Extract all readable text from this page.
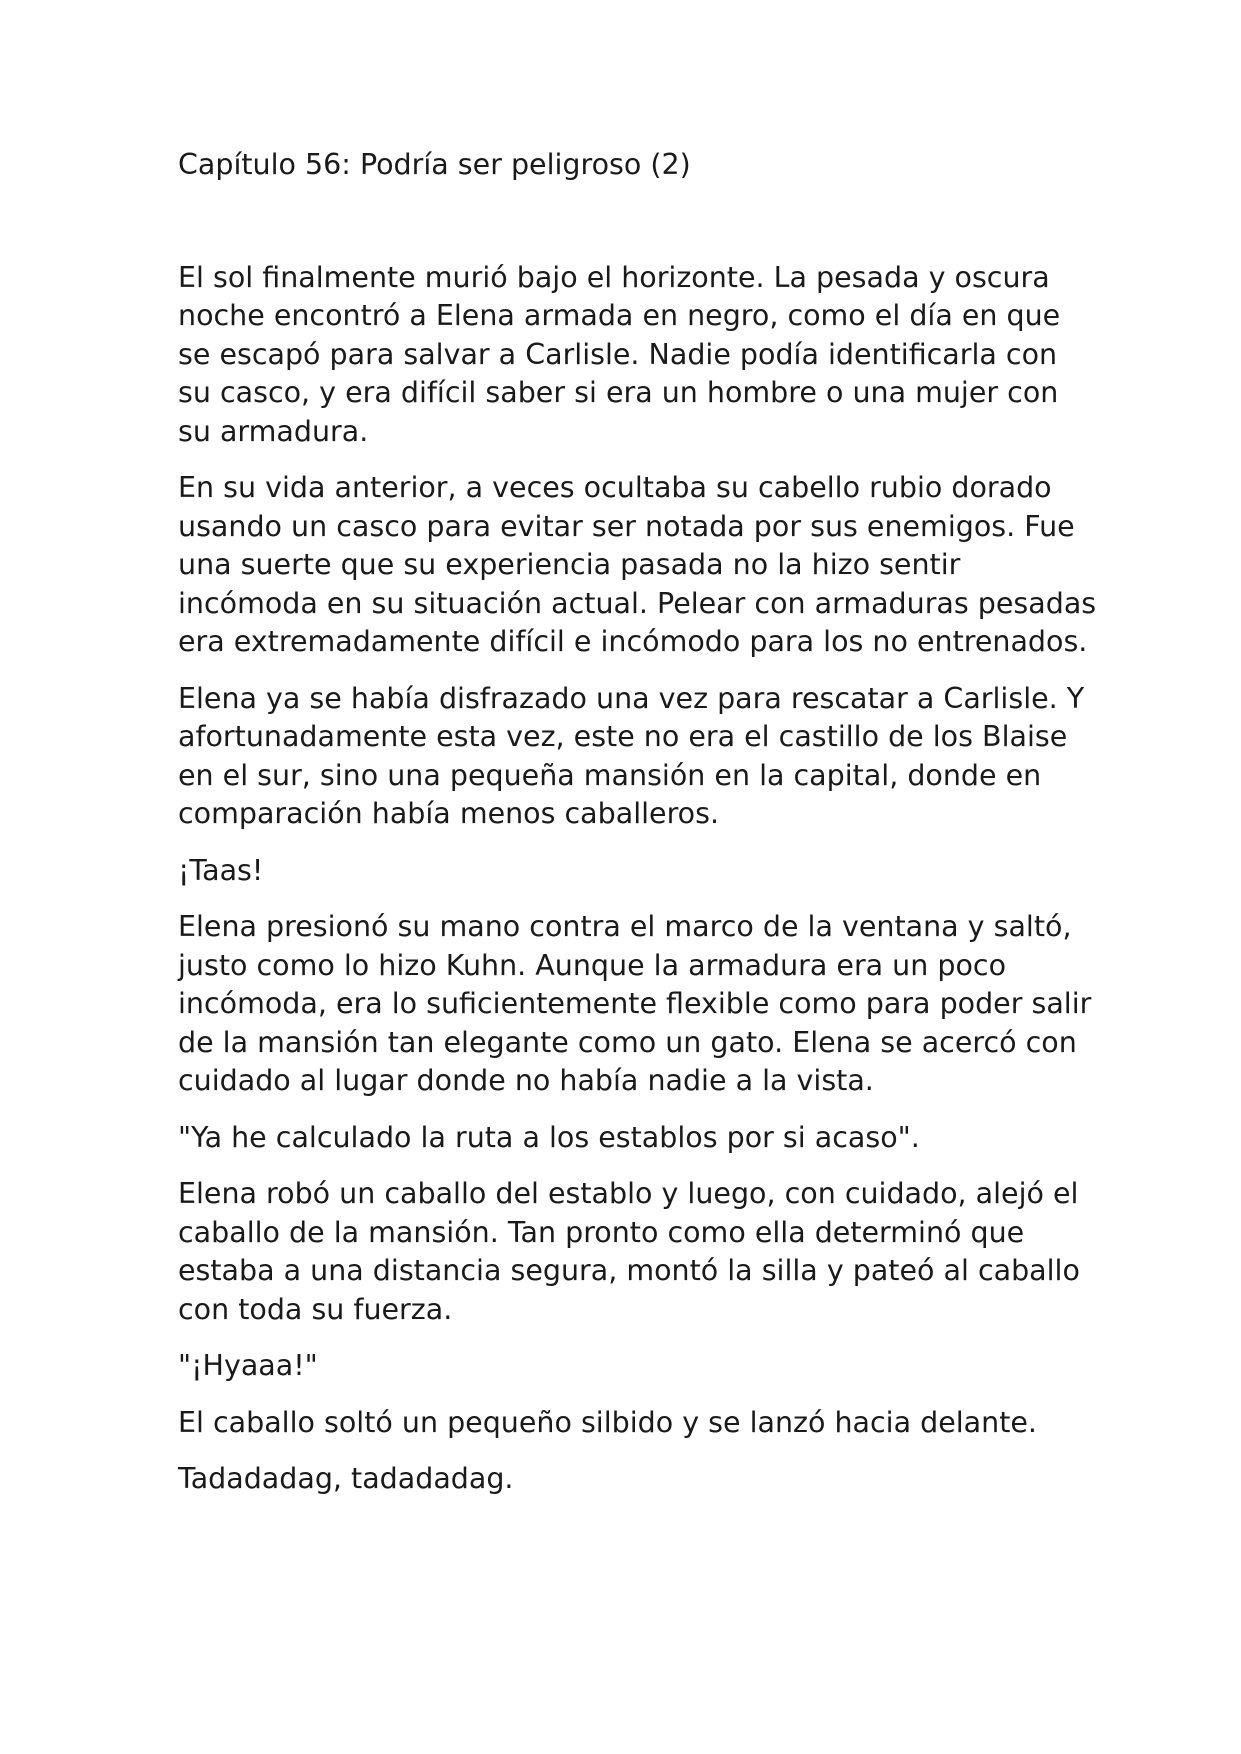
Capítulo 56: Podría ser peligroso (2)

El sol finalmente murió bajo el horizonte. La pesada y oscura noche encontró a Elena armada en negro, como el día en que se escapó para salvar a Carlisle. Nadie podía identificarla con su casco, y era difícil saber si era un hombre o una mujer con su armadura.

En su vida anterior, a veces ocultaba su cabello rubio dorado usando un casco para evitar ser notada por sus enemigos. Fue una suerte que su experiencia pasada no la hizo sentir incómoda en su situación actual. Pelear con armaduras pesadas era extremadamente difícil e incómodo para los no entrenados.

Elena ya se había disfrazado una vez para rescatar a Carlisle. Y afortunadamente esta vez, este no era el castillo de los Blaise en el sur, sino una pequeña mansión en la capital, donde en comparación había menos caballeros.

¡Taas!

Elena presionó su mano contra el marco de la ventana y saltó, justo como lo hizo Kuhn. Aunque la armadura era un poco incómoda, era lo suficientemente flexible como para poder salir de la mansión tan elegante como un gato. Elena se acercó con cuidado al lugar donde no había nadie a la vista.

"Ya he calculado la ruta a los establos por si acaso".

Elena robó un caballo del establo y luego, con cuidado, alejó el caballo de la mansión. Tan pronto como ella determinó que estaba a una distancia segura, montó la silla y pateó al caballo con toda su fuerza.

"¡Hyaaa!"

El caballo soltó un pequeño silbido y se lanzó hacia delante.

Tadadadag, tadadadag.
